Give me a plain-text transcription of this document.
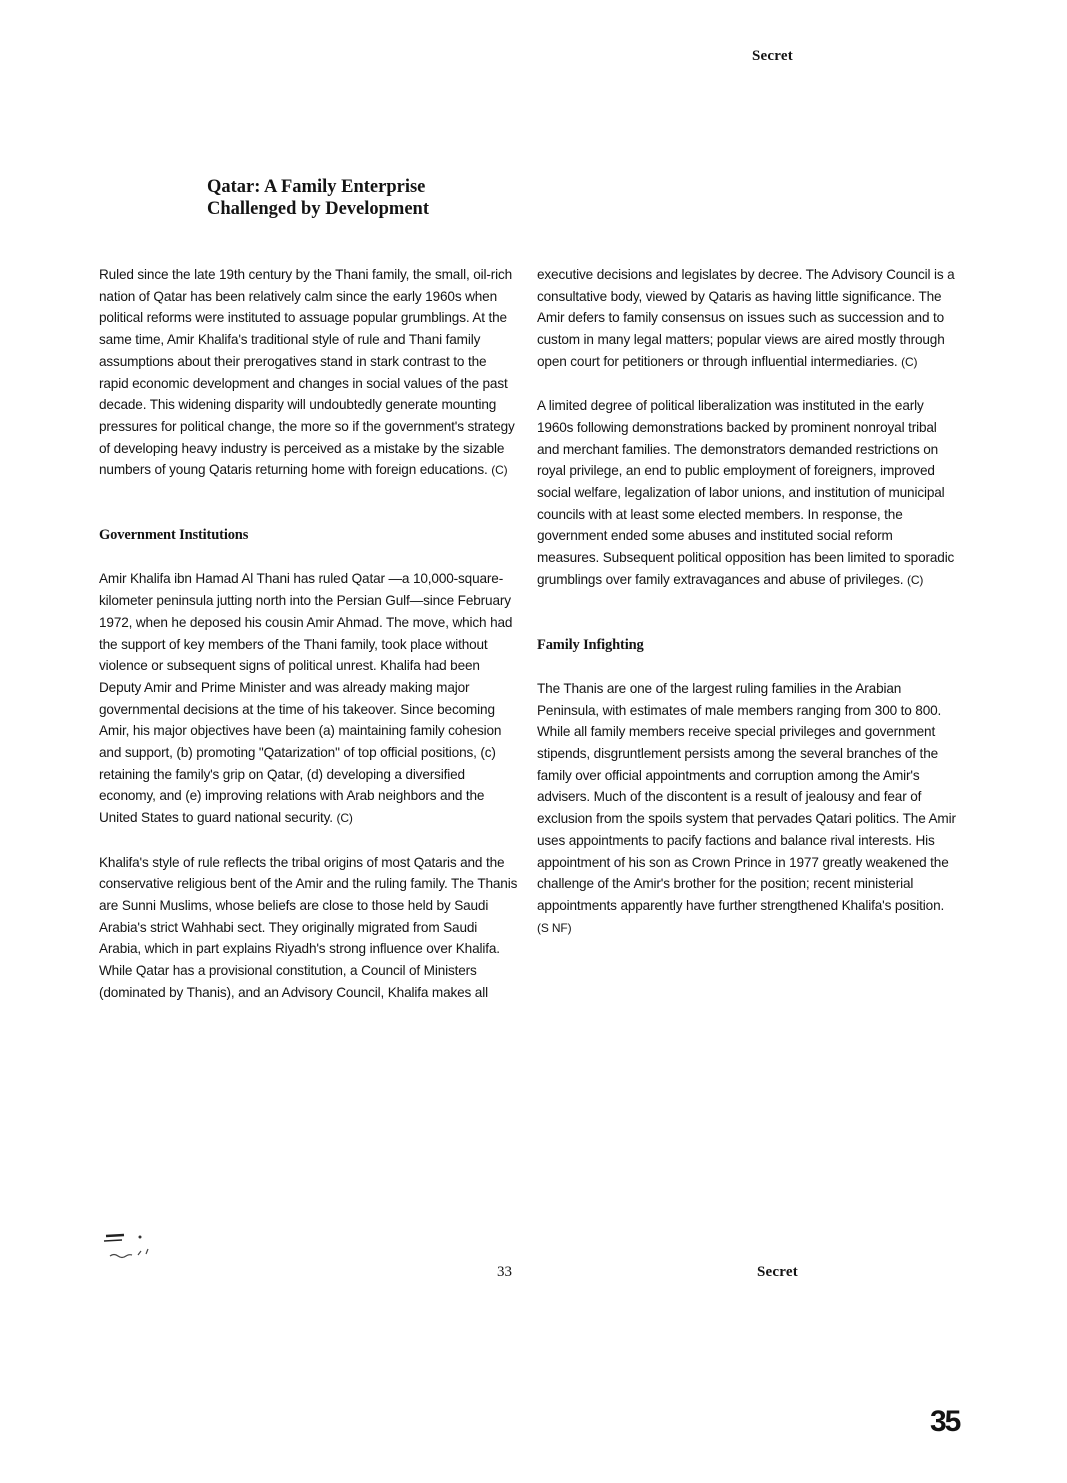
Secret
Qatar: A Family Enterprise
Challenged by Development

Ruled since the late 19th century by the Thani family, the small, oil-rich nation of Qatar has been relatively calm since the early 1960s when political reforms were instituted to assuage popular grumblings. At the same time, Amir Khalifa's traditional style of rule and Thani family assumptions about their prerogatives stand in stark contrast to the rapid economic development and changes in social values of the past decade. This widening disparity will undoubtedly generate mounting pressures for political change, the more so if the government's strategy of developing heavy industry is perceived as a mistake by the sizable numbers of young Qataris returning home with foreign educations. (C)

Government Institutions

Amir Khalifa ibn Hamad Al Thani has ruled Qatar —a 10,000-square-kilometer peninsula jutting north into the Persian Gulf—since February 1972, when he deposed his cousin Amir Ahmad. The move, which had the support of key members of the Thani family, took place without violence or subsequent signs of political unrest. Khalifa had been Deputy Amir and Prime Minister and was already making major governmental decisions at the time of his takeover. Since becoming Amir, his major objectives have been (a) maintaining family cohesion and support, (b) promoting "Qatarization" of top official positions, (c) retaining the family's grip on Qatar, (d) developing a diversified economy, and (e) improving relations with Arab neighbors and the United States to guard national security. (C)

Khalifa's style of rule reflects the tribal origins of most Qataris and the conservative religious bent of the Amir and the ruling family. The Thanis are Sunni Muslims, whose beliefs are close to those held by Saudi Arabia's strict Wahhabi sect. They originally migrated from Saudi Arabia, which in part explains Riyadh's strong influence over Khalifa. While Qatar has a provisional constitution, a Council of Ministers (dominated by Thanis), and an Advisory Council, Khalifa makes all

executive decisions and legislates by decree. The Advisory Council is a consultative body, viewed by Qataris as having little significance. The Amir defers to family consensus on issues such as succession and to custom in many legal matters; popular views are aired mostly through open court for petitioners or through influential intermediaries. (C)

A limited degree of political liberalization was instituted in the early 1960s following demonstrations backed by prominent nonroyal tribal and merchant families. The demonstrators demanded restrictions on royal privilege, an end to public employment of foreigners, improved social welfare, legalization of labor unions, and institution of municipal councils with at least some elected members. In response, the government ended some abuses and instituted social reform measures. Subsequent political opposition has been limited to sporadic grumblings over family extravagances and abuse of privileges. (C)

Family Infighting

The Thanis are one of the largest ruling families in the Arabian Peninsula, with estimates of male members ranging from 300 to 800. While all family members receive special privileges and government stipends, disgruntlement persists among the several branches of the family over official appointments and corruption among the Amir's advisers. Much of the discontent is a result of jealousy and fear of exclusion from the spoils system that pervades Qatari politics. The Amir uses appointments to pacify factions and balance rival interests. His appointment of his son as Crown Prince in 1977 greatly weakened the challenge of the Amir's brother for the position; recent ministerial appointments apparently have further strengthened Khalifa's position. (S NF)

33	Secret
35
